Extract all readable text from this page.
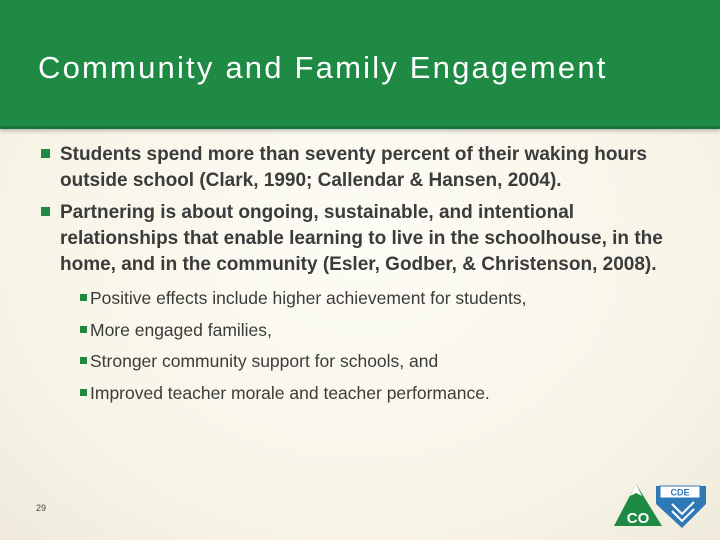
Community and Family Engagement
Students spend more than seventy percent of their waking hours outside school (Clark, 1990; Callendar & Hansen, 2004).
Partnering is about ongoing, sustainable, and intentional relationships that enable learning to live in the schoolhouse, in the home, and in the community (Esler, Godber, & Christenson, 2008).
Positive effects include higher achievement for students,
More engaged families,
Stronger community support for schools, and
Improved teacher morale and teacher performance.
29
CDE
CO
